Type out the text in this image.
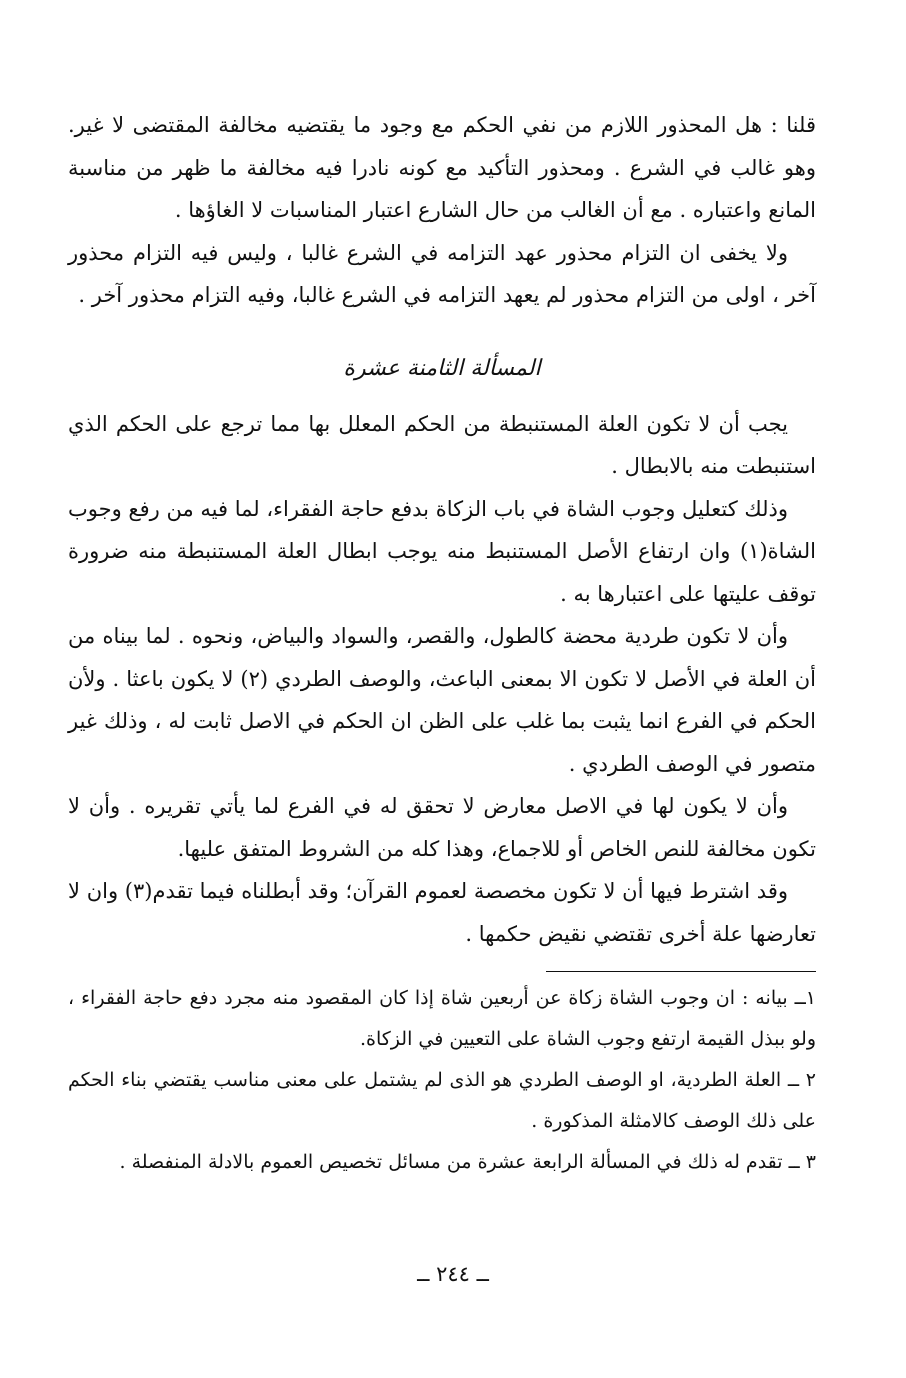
قلنا : هل المحذور اللازم من نفي الحكم مع وجود ما يقتضيه مخالفة المقتضى لا غير. وهو غالب في الشرع . ومحذور التأكيد مع كونه نادرا فيه مخالفة ما ظهر من مناسبة المانع واعتباره . مع أن الغالب من حال الشارع اعتبار المناسبات لا الغاؤها .

ولا يخفى ان التزام محذور عهد التزامه في الشرع غالبا ، وليس فيه التزام محذور آخر ، اولى من التزام محذور لم يعهد التزامه في الشرع غالبا، وفيه التزام محذور آخر .

المسألة الثامنة عشرة

يجب أن لا تكون العلة المستنبطة من الحكم المعلل بها مما ترجع على الحكم الذي استنبطت منه بالابطال .

وذلك كتعليل وجوب الشاة في باب الزكاة بدفع حاجة الفقراء، لما فيه من رفع وجوب الشاة(١) وان ارتفاع الأصل المستنبط منه يوجب ابطال العلة المستنبطة منه ضرورة توقف عليتها على اعتبارها به .

وأن لا تكون طردية محضة كالطول، والقصر، والسواد والبياض، ونحوه . لما بيناه من أن العلة في الأصل لا تكون الا بمعنى الباعث، والوصف الطردي (٢) لا يكون باعثا . ولأن الحكم في الفرع انما يثبت بما غلب على الظن ان الحكم في الاصل ثابت له ، وذلك غير متصور في الوصف الطردي .

وأن لا يكون لها في الاصل معارض لا تحقق له في الفرع لما يأتي تقريره . وأن لا تكون مخالفة للنص الخاص أو للاجماع، وهذا كله من الشروط المتفق عليها.

وقد اشترط فيها أن لا تكون مخصصة لعموم القرآن؛ وقد أبطلناه فيما تقدم(٣) وان لا تعارضها علة أخرى تقتضي نقيض حكمها .

١ــ بيانه : ان وجوب الشاة زكاة عن أربعين شاة إذا كان المقصود منه مجرد دفع حاجة الفقراء ، ولو ببذل القيمة ارتفع وجوب الشاة على التعيين في الزكاة.

٢ ــ العلة الطردية، او الوصف الطردي هو الذى لم يشتمل على معنى مناسب يقتضي بناء الحكم على ذلك الوصف كالامثلة المذكورة .

٣ ــ تقدم له ذلك في المسألة الرابعة عشرة من مسائل تخصيص العموم بالادلة المنفصلة .

ــ ٢٤٤ ــ
